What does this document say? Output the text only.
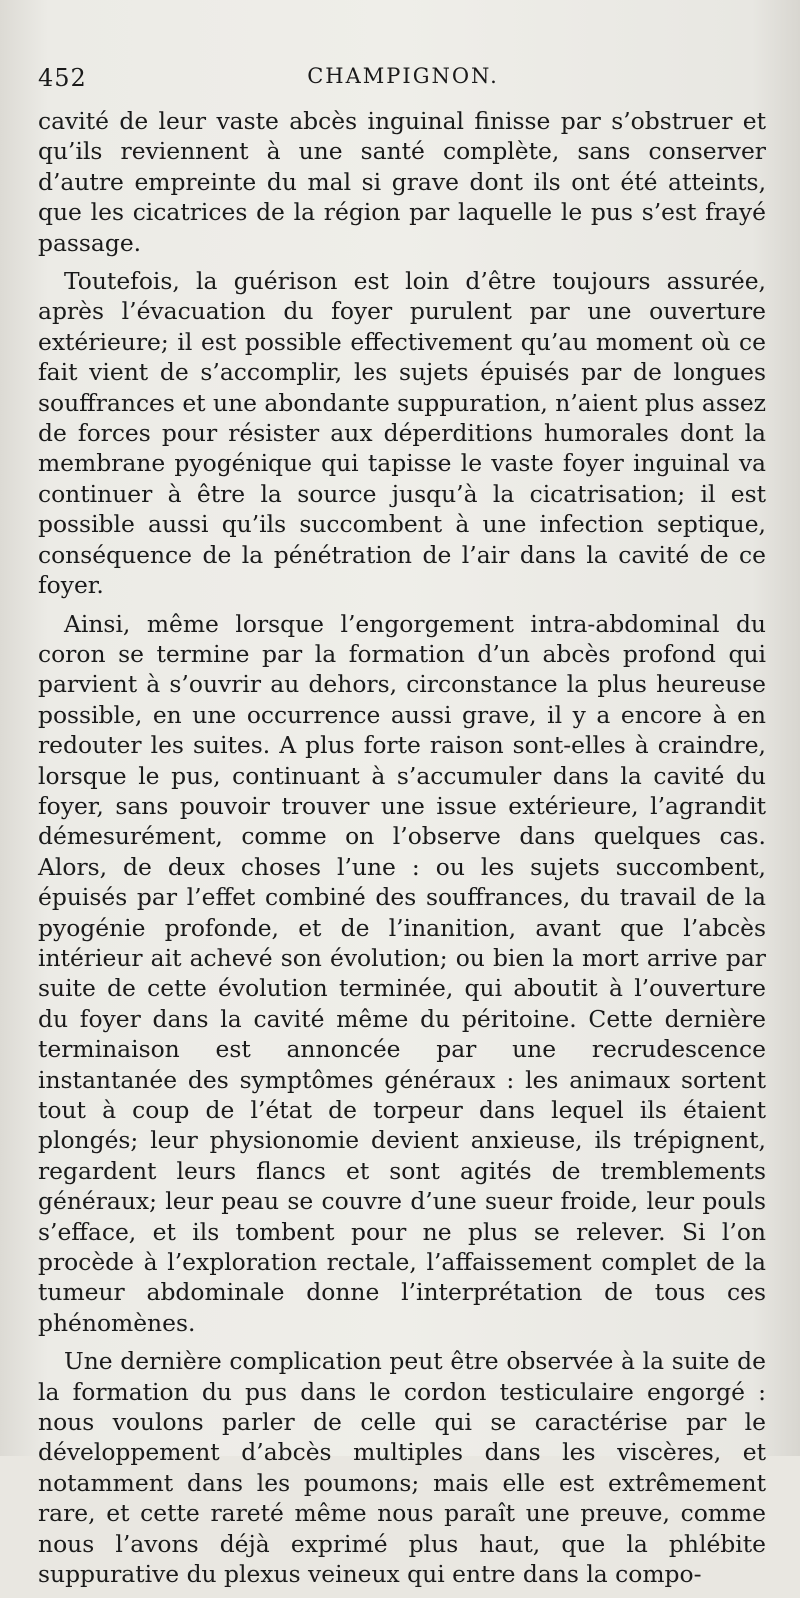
452	CHAMPIGNON.

cavité de leur vaste abcès inguinal finisse par s’obstruer et qu’ils reviennent à une santé complète, sans conserver d’autre empreinte du mal si grave dont ils ont été atteints, que les cicatrices de la région par laquelle le pus s’est frayé passage.

Toutefois, la guérison est loin d’être toujours assurée, après l’évacuation du foyer purulent par une ouverture extérieure; il est possible effectivement qu’au moment où ce fait vient de s’accomplir, les sujets épuisés par de longues souffrances et une abondante suppuration, n’aient plus assez de forces pour résister aux déperditions humorales dont la membrane pyogénique qui tapisse le vaste foyer inguinal va continuer à être la source jusqu’à la cicatrisation; il est possible aussi qu’ils succombent à une infection septique, conséquence de la pénétration de l’air dans la cavité de ce foyer.

Ainsi, même lorsque l’engorgement intra-abdominal du coron se termine par la formation d’un abcès profond qui parvient à s’ouvrir au dehors, circonstance la plus heureuse possible, en une occurrence aussi grave, il y a encore à en redouter les suites. A plus forte raison sont-elles à craindre, lorsque le pus, continuant à s’accumuler dans la cavité du foyer, sans pouvoir trouver une issue extérieure, l’agrandit démesurément, comme on l’observe dans quelques cas. Alors, de deux choses l’une : ou les sujets succombent, épuisés par l’effet combiné des souffrances, du travail de la pyogénie profonde, et de l’inanition, avant que l’abcès intérieur ait achevé son évolution; ou bien la mort arrive par suite de cette évolution terminée, qui aboutit à l’ouverture du foyer dans la cavité même du péritoine. Cette dernière terminaison est annoncée par une recrudescence instantanée des symptômes généraux : les animaux sortent tout à coup de l’état de torpeur dans lequel ils étaient plongés; leur physionomie devient anxieuse, ils trépignent, regardent leurs flancs et sont agités de tremblements généraux; leur peau se couvre d’une sueur froide, leur pouls s’efface, et ils tombent pour ne plus se relever. Si l’on procède à l’exploration rectale, l’affaissement complet de la tumeur abdominale donne l’interprétation de tous ces phénomènes.

Une dernière complication peut être observée à la suite de la formation du pus dans le cordon testiculaire engorgé : nous voulons parler de celle qui se caractérise par le développement d’abcès multiples dans les viscères, et notamment dans les poumons; mais elle est extrêmement rare, et cette rareté même nous paraît une preuve, comme nous l’avons déjà exprimé plus haut, que la phlébite suppurative du plexus veineux qui entre dans la compo-
